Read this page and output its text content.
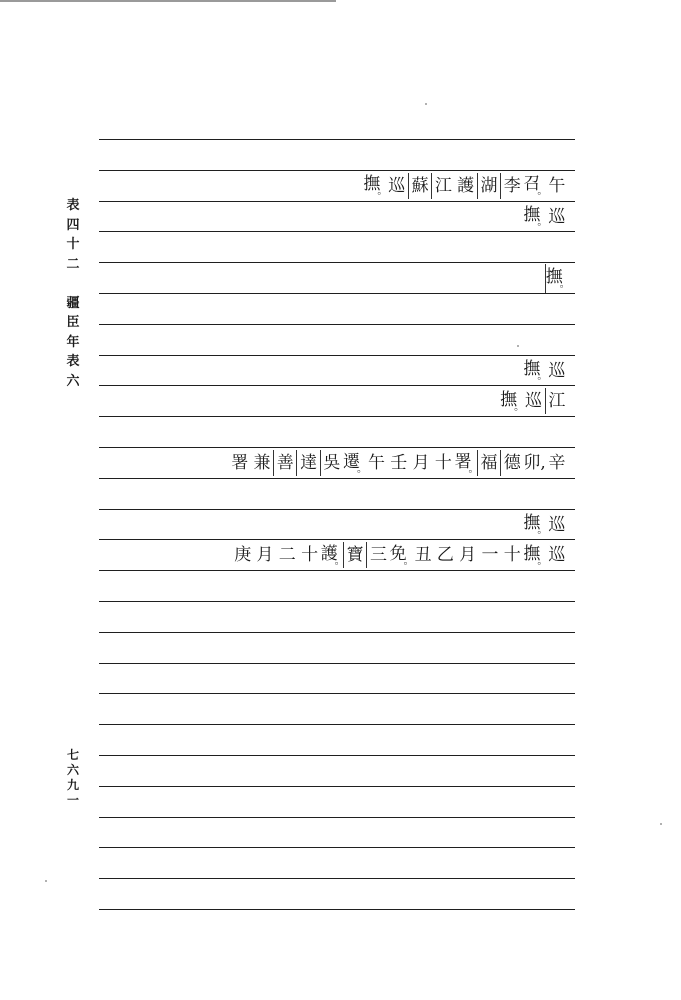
表
四
十
二

疆
臣
年
表
六
七
六
九
一
午
召 。
李
湖
護
江
蘇
巡
撫 。
巡
撫 。
撫 。
巡
撫 。
江
巡
撫 。
辛
卯,
德
福
署 。
十
月
壬
午
遷 。
吳
達
善
兼
署
巡
撫 。
巡
撫 。
十
一
月
乙
丑
免 。
三
寶
護 。
十
二
月
庚
